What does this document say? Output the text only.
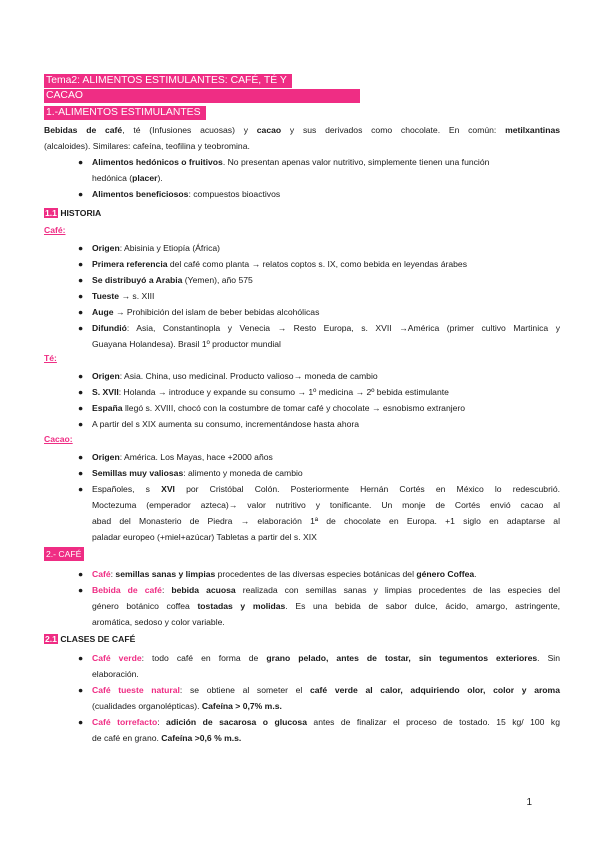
Tema2: ALIMENTOS ESTIMULANTES: CAFÉ, TÉ Y
CACAO
1.-ALIMENTOS ESTIMULANTES
Bebidas de café, té (Infusiones acuosas) y cacao y sus derivados como chocolate. En común: metilxantinas
(alcaloides). Similares: cafeína, teofilina y teobromina.
● Alimentos hedónicos o fruitivos. No presentan apenas valor nutritivo, simplemente tienen una función
hedónica (placer).
● Alimentos beneficiosos: compuestos bioactivos
1.1 HISTORIA
Café:
● Origen: Abisinia y Etiopía (África)
● Primera referencia del café como planta → relatos coptos s. IX, como bebida en leyendas árabes
● Se distribuyó a Arabia (Yemen), año 575
● Tueste → s. XIII
● Auge → Prohibición del islam de beber bebidas alcohólicas
● Difundió: Asia, Constantinopla y Venecia → Resto Europa, s. XVII →América (primer cultivo Martinica y
Guayana Holandesa). Brasil 1º productor mundial
Té:
● Origen: Asia. China, uso medicinal. Producto valioso→ moneda de cambio
● S. XVII: Holanda → introduce y expande su consumo → 1º medicina → 2º bebida estimulante
● España llegó s. XVIII, chocó con la costumbre de tomar café y chocolate → esnobismo extranjero
● A partir del s XIX aumenta su consumo, incrementándose hasta ahora
Cacao:
● Origen: América. Los Mayas, hace +2000 años
● Semillas muy valiosas: alimento y moneda de cambio
● Españoles, s XVI por Cristóbal Colón. Posteriormente Hernán Cortés en México lo redescubrió.
Moctezuma (emperador azteca)→ valor nutritivo y tonificante. Un monje de Cortés envió cacao al
abad del Monasterio de Piedra → elaboración 1ª de chocolate en Europa. +1 siglo en adaptarse al
paladar europeo (+miel+azúcar) Tabletas a partir del s. XIX
2.- CAFÉ
● Café: semillas sanas y limpias procedentes de las diversas especies botánicas del género Coffea.
● Bebida de café: bebida acuosa realizada con semillas sanas y limpias procedentes de las especies del
género botánico coffea tostadas y molidas. Es una bebida de sabor dulce, ácido, amargo, astringente,
aromática, sedoso y color variable.
2.1 CLASES DE CAFÉ
● Café verde: todo café en forma de grano pelado, antes de tostar, sin tegumentos exteriores. Sin
elaboración.
● Café tueste natural: se obtiene al someter el café verde al calor, adquiriendo olor, color y aroma
(cualidades organolépticas). Cafeína > 0,7% m.s.
● Café torrefacto: adición de sacarosa o glucosa antes de finalizar el proceso de tostado. 15 kg/ 100 kg
de café en grano. Cafeína >0,6 % m.s.
1
